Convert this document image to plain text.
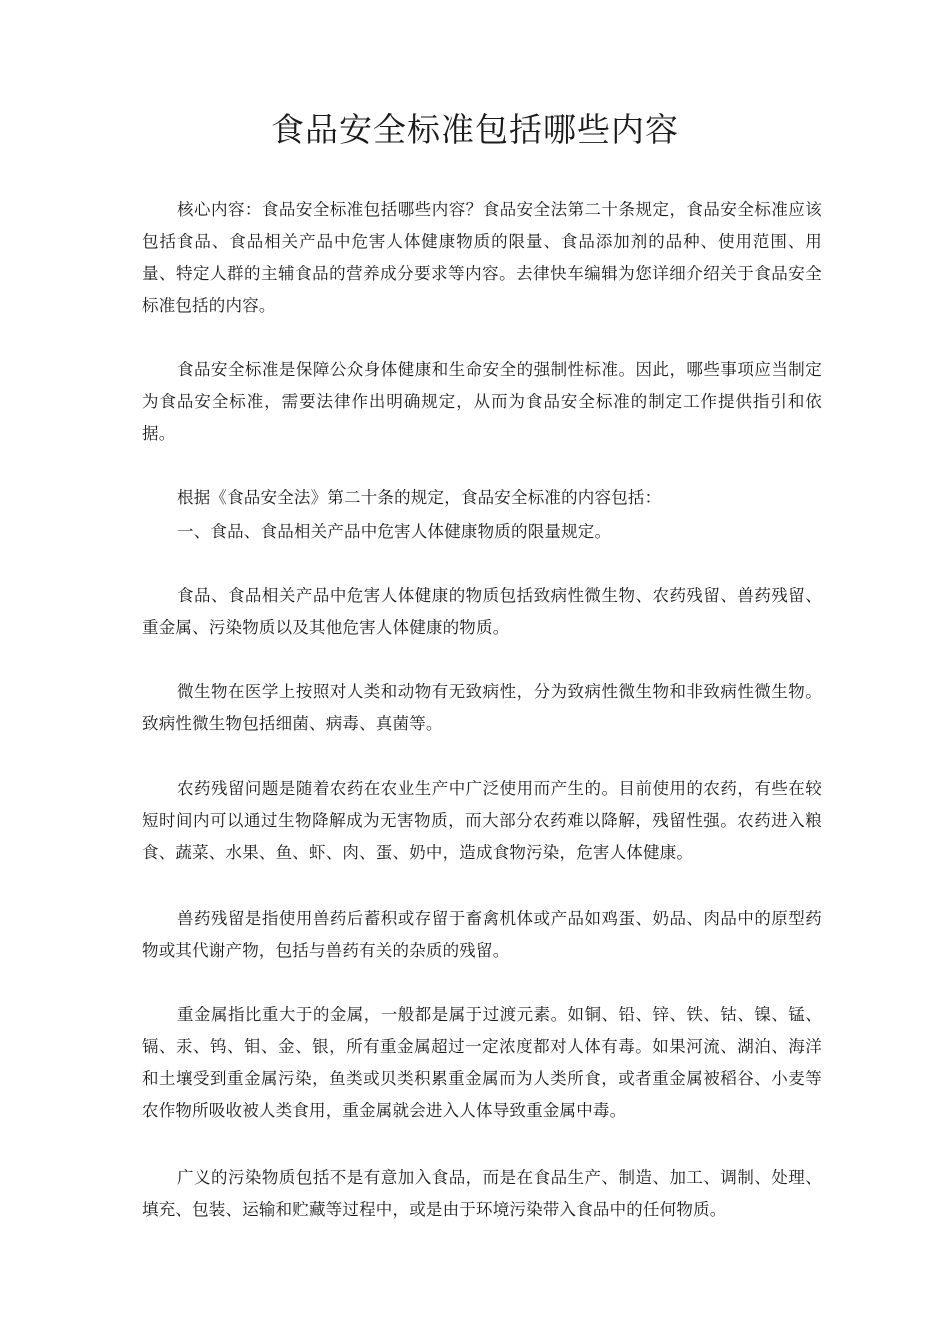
食品安全标准包括哪些内容

核心内容：食品安全标准包括哪些内容？食品安全法第二十条规定，食品安全标准应该包括食品、食品相关产品中危害人体健康物质的限量、食品添加剂的品种、使用范围、用量、特定人群的主辅食品的营养成分要求等内容。去律快车编辑为您详细介绍关于食品安全标准包括的内容。

食品安全标准是保障公众身体健康和生命安全的强制性标准。因此，哪些事项应当制定为食品安全标准，需要法律作出明确规定，从而为食品安全标准的制定工作提供指引和依据。

根据《食品安全法》第二十条的规定，食品安全标准的内容包括：

一、食品、食品相关产品中危害人体健康物质的限量规定。

食品、食品相关产品中危害人体健康的物质包括致病性微生物、农药残留、兽药残留、重金属、污染物质以及其他危害人体健康的物质。

微生物在医学上按照对人类和动物有无致病性，分为致病性微生物和非致病性微生物。致病性微生物包括细菌、病毒、真菌等。

农药残留问题是随着农药在农业生产中广泛使用而产生的。目前使用的农药，有些在较短时间内可以通过生物降解成为无害物质，而大部分农药难以降解，残留性强。农药进入粮食、蔬菜、水果、鱼、虾、肉、蛋、奶中，造成食物污染，危害人体健康。

兽药残留是指使用兽药后蓄积或存留于畜禽机体或产品如鸡蛋、奶品、肉品中的原型药物或其代谢产物，包括与兽药有关的杂质的残留。

重金属指比重大于的金属，一般都是属于过渡元素。如铜、铅、锌、铁、钴、镍、锰、镉、汞、钨、钼、金、银，所有重金属超过一定浓度都对人体有毒。如果河流、湖泊、海洋和土壤受到重金属污染，鱼类或贝类积累重金属而为人类所食，或者重金属被稻谷、小麦等农作物所吸收被人类食用，重金属就会进入人体导致重金属中毒。

广义的污染物质包括不是有意加入食品，而是在食品生产、制造、加工、调制、处理、填充、包装、运输和贮藏等过程中，或是由于环境污染带入食品中的任何物质。
